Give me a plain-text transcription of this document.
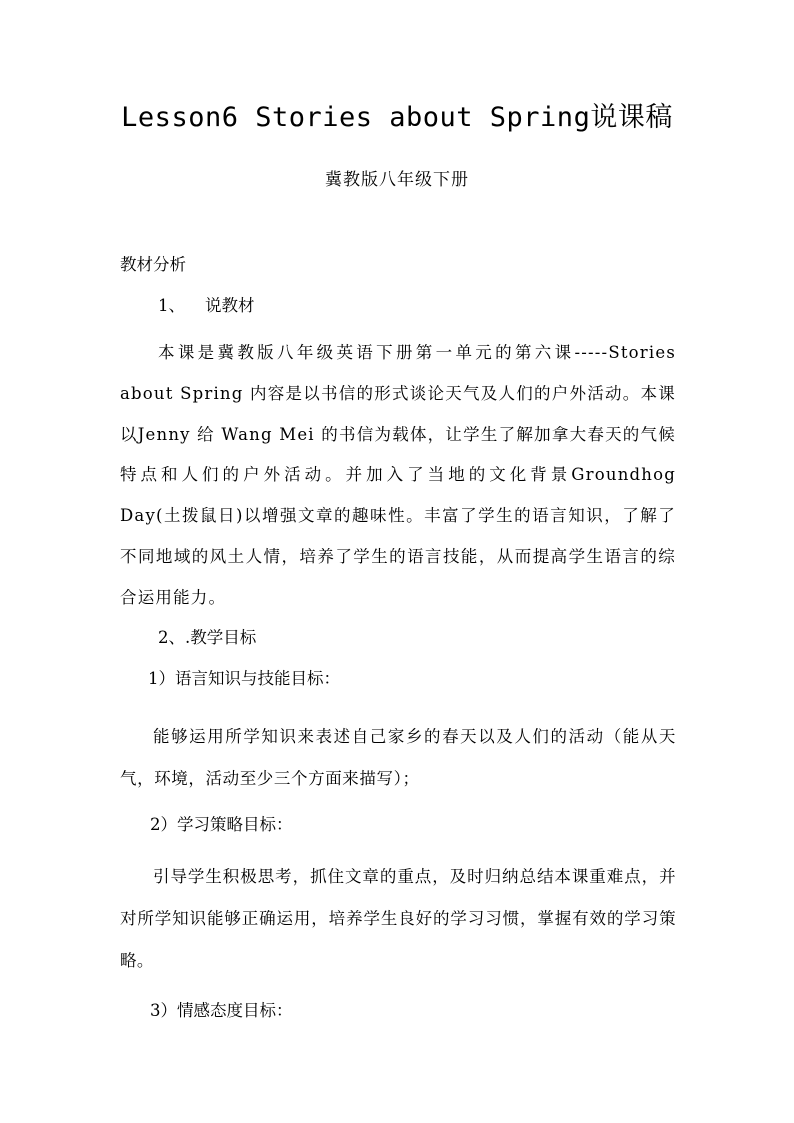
Lesson6 Stories about Spring说课稿
冀教版八年级下册
教材分析
1、 说教材

本课是冀教版八年级英语下册第一单元的第六课-----Stories about Spring 内容是以书信的形式谈论天气及人们的户外活动。本课以Jenny 给 Wang Mei 的书信为载体，让学生了解加拿大春天的气候特点和人们的户外活动。并加入了当地的文化背景Groundhog Day(土拨鼠日)以增强文章的趣味性。丰富了学生的语言知识，了解了不同地域的风土人情，培养了学生的语言技能，从而提高学生语言的综合运用能力。

2、.教学目标
1）语言知识与技能目标：

能够运用所学知识来表述自己家乡的春天以及人们的活动（能从天气，环境，活动至少三个方面来描写）；

2）学习策略目标：

引导学生积极思考，抓住文章的重点，及时归纳总结本课重难点，并对所学知识能够正确运用，培养学生良好的学习习惯，掌握有效的学习策略。

3）情感态度目标：
